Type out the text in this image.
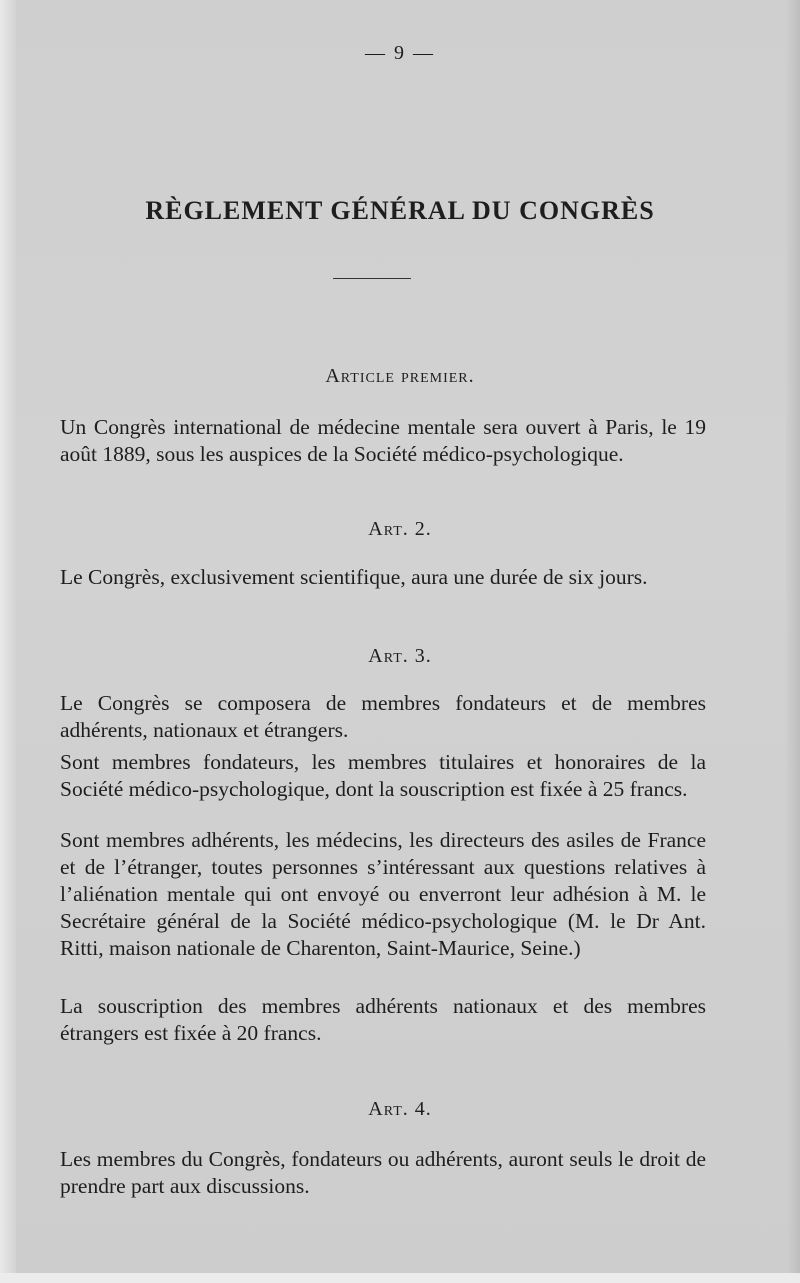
— 9 —
RÈGLEMENT GÉNÉRAL DU CONGRÈS
Article premier.
Un Congrès international de médecine mentale sera ouvert à Paris, le 19 août 1889, sous les auspices de la Société médico-psychologique.
Art. 2.
Le Congrès, exclusivement scientifique, aura une durée de six jours.
Art. 3.
Le Congrès se composera de membres fondateurs et de membres adhérents, nationaux et étrangers.
Sont membres fondateurs, les membres titulaires et honoraires de la Société médico-psychologique, dont la souscription est fixée à 25 francs.
Sont membres adhérents, les médecins, les directeurs des asiles de France et de l’étranger, toutes personnes s’intéressant aux questions relatives à l’aliénation mentale qui ont envoyé ou enverront leur adhésion à M. le Secrétaire général de la Société médico-psychologique (M. le Dr Ant. Ritti, maison nationale de Charenton, Saint-Maurice, Seine.)
La souscription des membres adhérents nationaux et des membres étrangers est fixée à 20 francs.
Art. 4.
Les membres du Congrès, fondateurs ou adhérents, auront seuls le droit de prendre part aux discussions.
